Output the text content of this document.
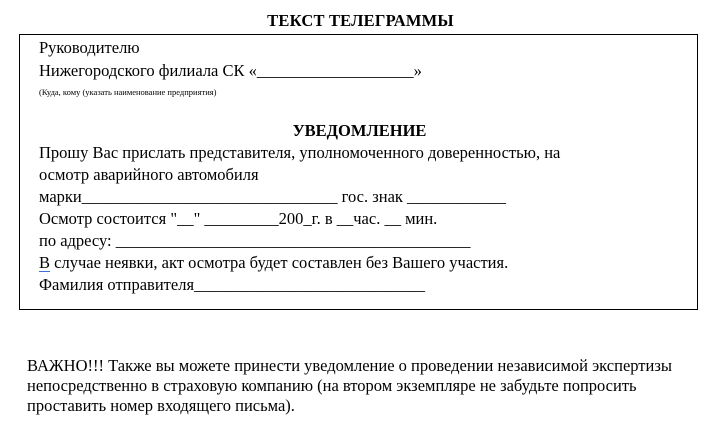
ТЕКСТ ТЕЛЕГРАММЫ
Руководителю
Нижегородского филиала СК «___________________»
(Куда, кому (указать наименование предприятия)
УВЕДОМЛЕНИЕ
Прошу Вас прислать представителя, уполномоченного доверенностью, на
осмотр аварийного автомобиля
марки_______________________________ гос. знак ____________
Осмотр состоится "__" _________200_г. в __час. __ мин.
по адресу: ___________________________________________
В случае неявки, акт осмотра будет составлен без Вашего участия.
Фамилия отправителя____________________________
ВАЖНО!!! Также вы можете принести уведомление о проведении независимой экспертизы непосредственно в страховую компанию (на втором экземпляре не забудьте попросить проставить номер входящего письма).
